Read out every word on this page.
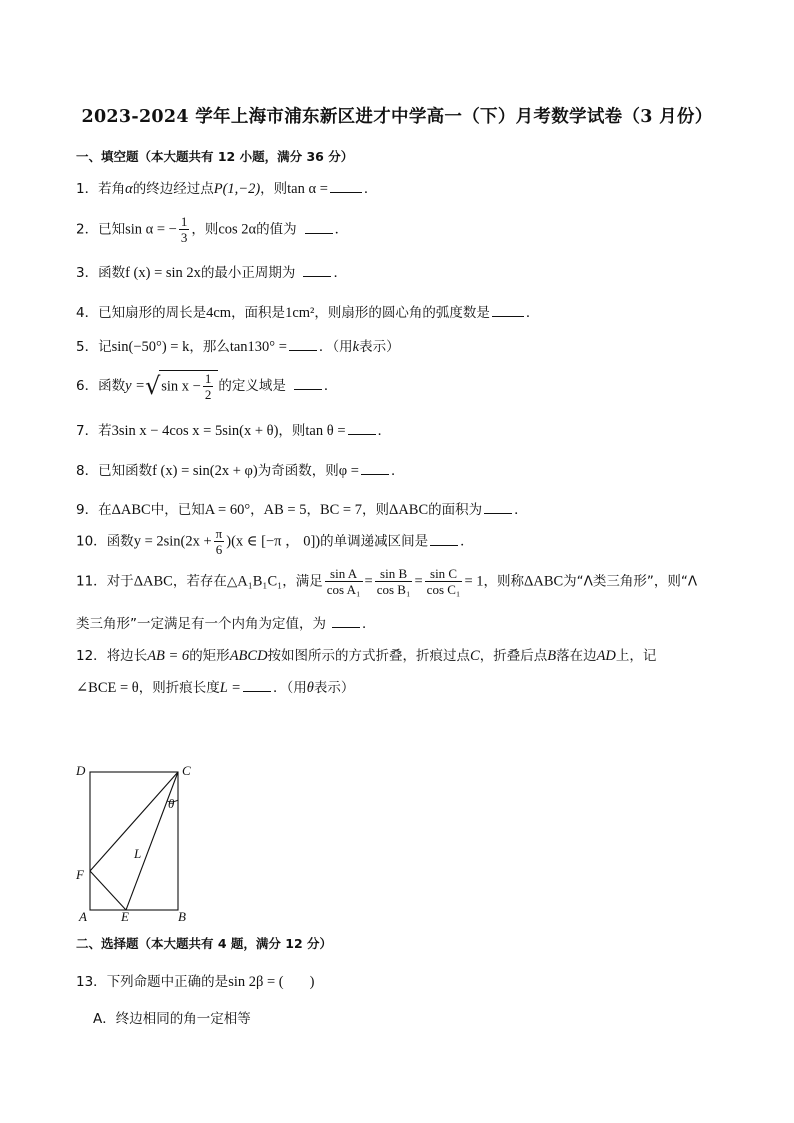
2023-2024 学年上海市浦东新区进才中学高一（下）月考数学试卷（3 月份）
一、填空题（本大题共有 12 小题，满分 36 分）
1．若角α的终边经过点P(1,−2)，则tan α =	．
2．已知sin α = − $\frac{1}{3}$ ，则cos 2α的值为	．
3．函数f (x) = sin 2x的最小正周期为	．
4．已知扇形的周长是4cm，面积是1cm²，则扇形的圆心角的弧度数是	．
5．记sin(−50°) = k，那么tan130° = ．（用k表示）
6．函数y =√sin $x - \frac{1}{2}$ 的定义域是	．
7．若3sin x − 4cos x = 5sin(x + θ)，则tan θ = ．
8．已知函数f (x) = sin(2x + φ)为奇函数，则φ = ．
9．在ΔABC中，已知A = 60°，AB = 5，BC = 7，则ΔABC的面积为 ．
10．函数$y = 2\sin(2x + \frac{\pi}{6} )(x$ ∈ [−π ， 0])的单调递减区间是 ．
11．对于ΔABC，若存在△A₁B₁C₁，满足 $\frac{\text{sin A}}{\text{cos A₁}} = \frac{\text{sin B}}{\text{cos B₁}} = \frac{\text{sin C}}{\text{cos C₁}} = 1$，则称ΔABC为“Λ类三角形”，则“Λ
类三角形”一定满足有一个内角为定值，为	．
12．将边长AB = 6的矩形ABCD按如图所示的方式折叠，折痕过点C，折叠后点B落在边AD上，记
∠BCE = θ，则折痕长度L = ．（用θ表示）
D	C
θ
L
F
A	E	B
二、选择题（本大题共有 4 题，满分 12 分）
13．下列命题中正确的是sin 2β = ( )
A．终边相同的角一定相等
